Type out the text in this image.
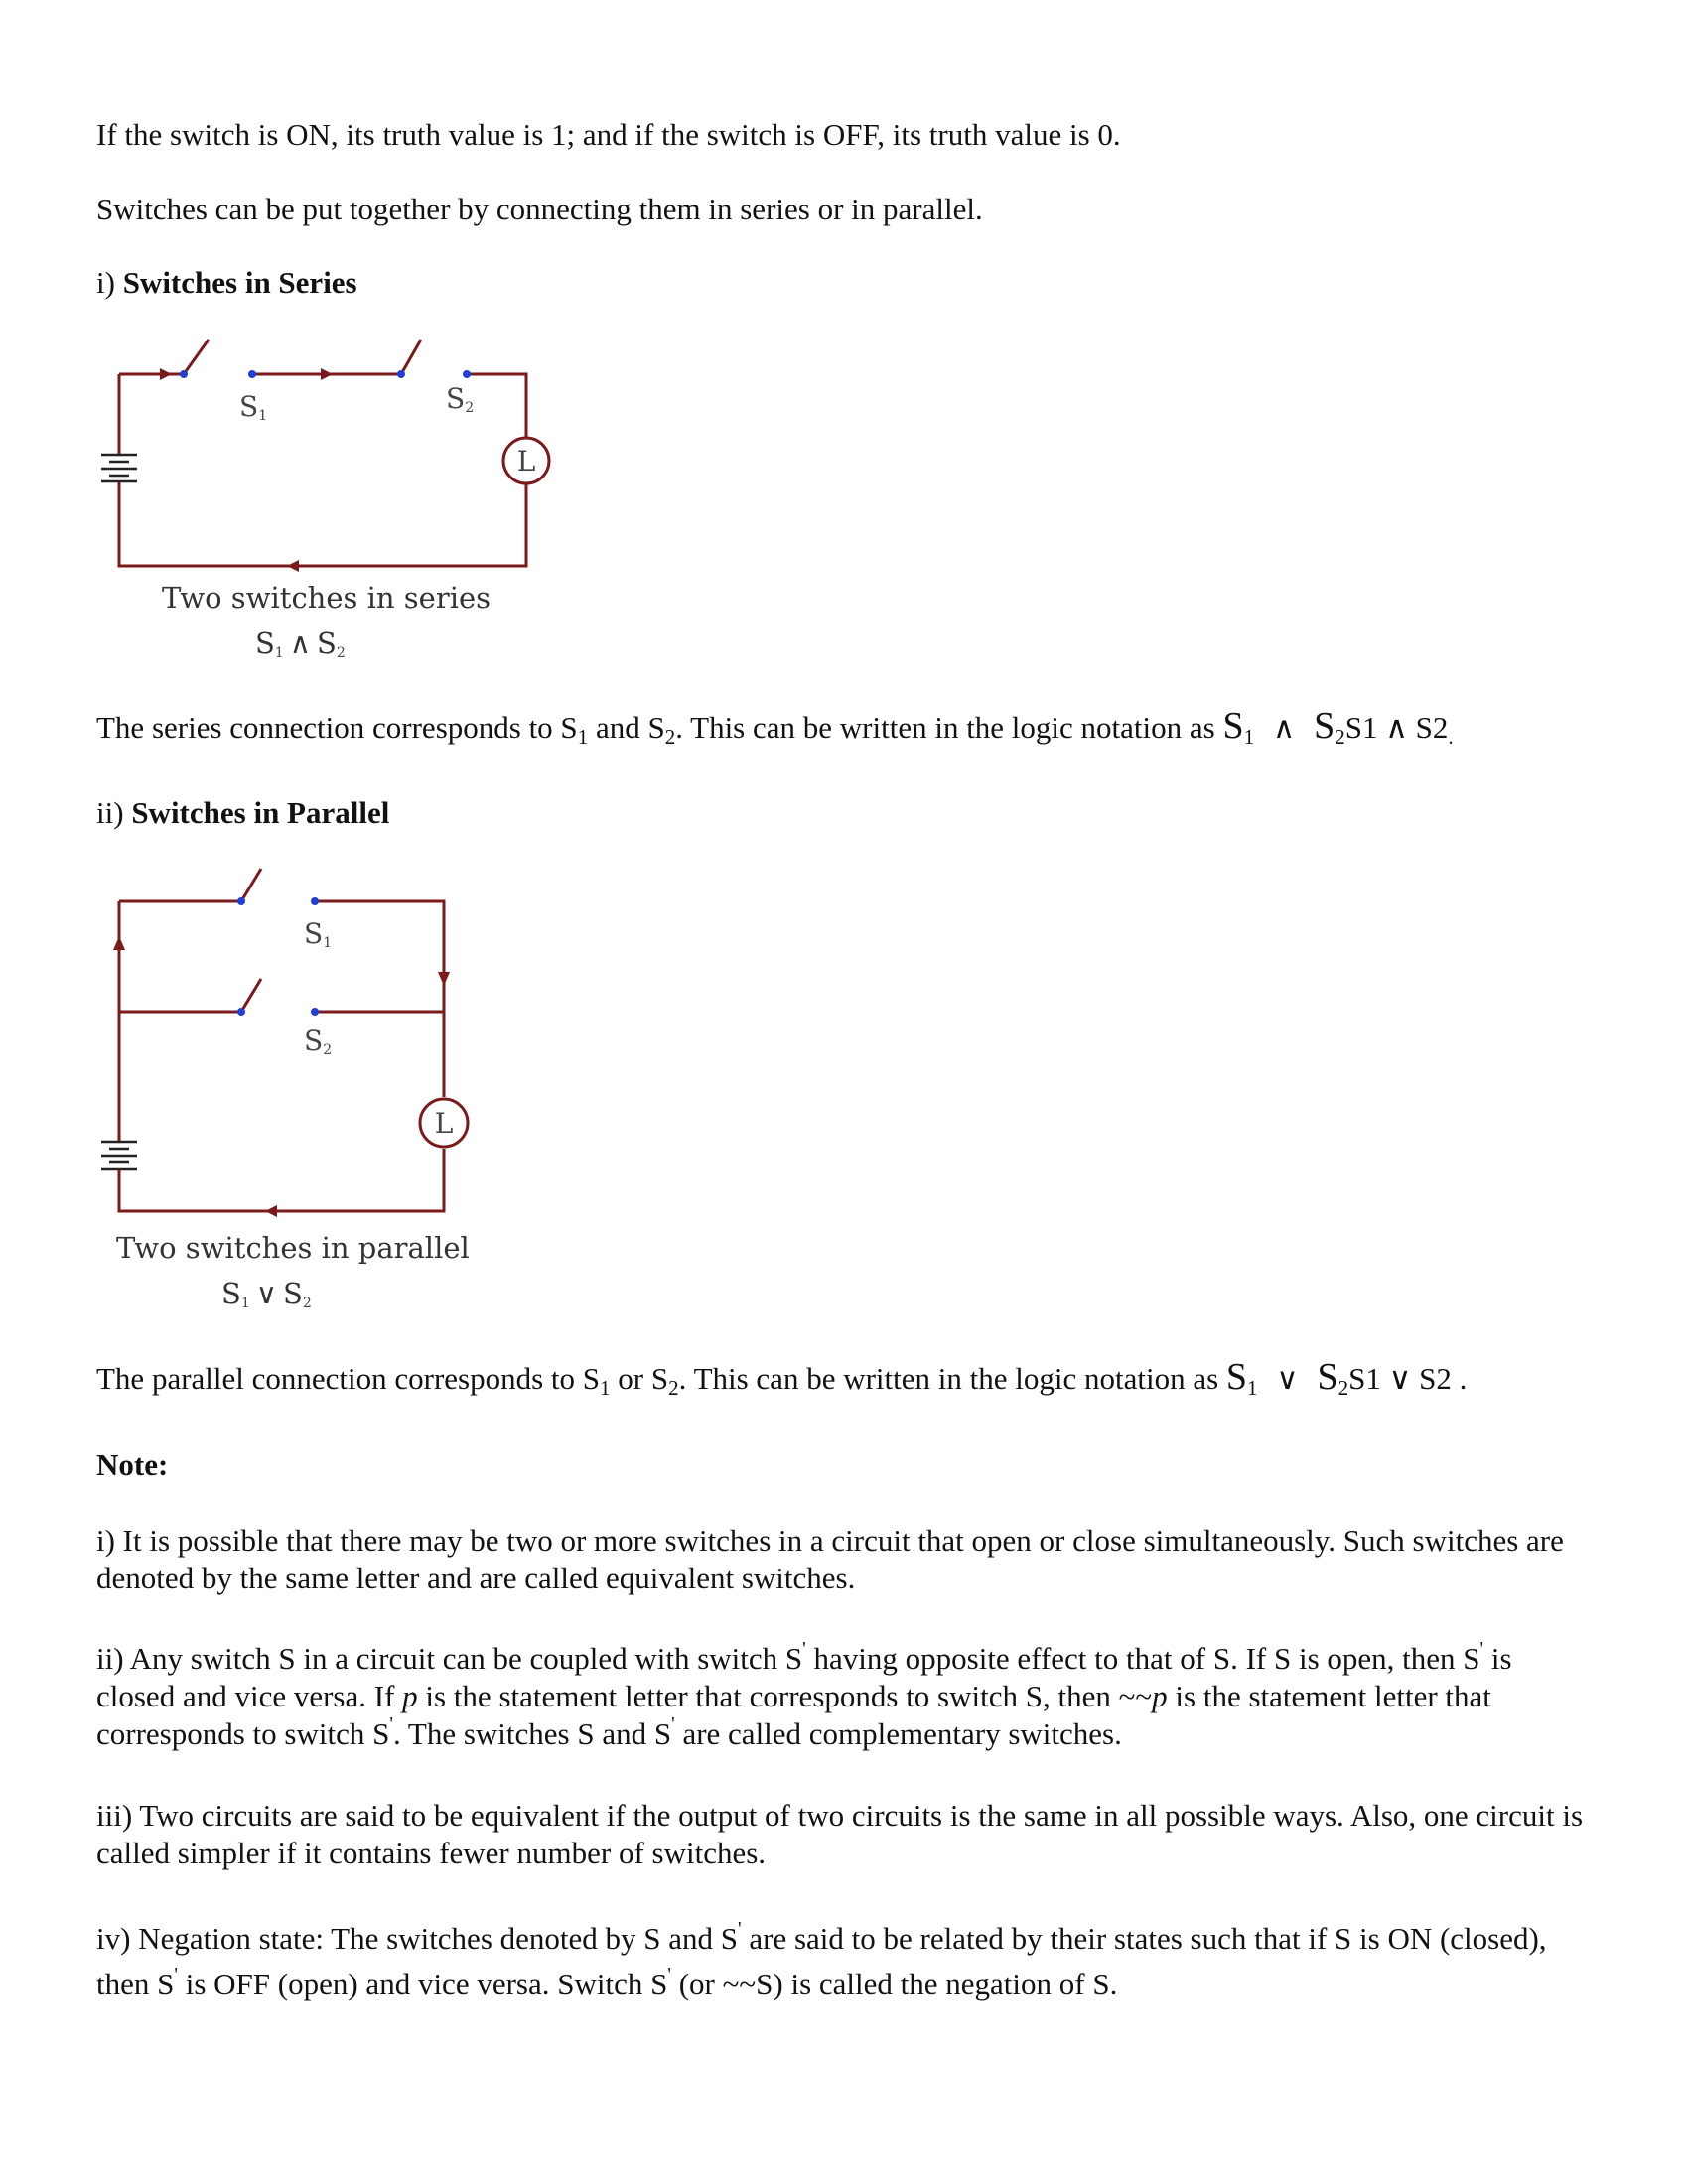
If the switch is ON, its truth value is 1; and if the switch is OFF, its truth value is 0.

Switches can be put together by connecting them in series or in parallel.

i) Switches in Series

L
S1
S2
Two switches in series
S1 ∧ S2

The series connection corresponds to $S_1$ and $S_2$. This can be written in the logic notation as $S_1$ ∧ $S_2S1$ ∧ $S2_.$

ii) Switches in Parallel

L
S1
S2
Two switches in parallel
S1 ∨ S2

The parallel connection corresponds to $S_1$ or $S_2$. This can be written in the logic notation as $S_1$ ∨ $S_2S1$ ∨ S2 .

Note:

i) It is possible that there may be two or more switches in a circuit that open or close simultaneously. Such switches are denoted by the same letter and are called equivalent switches.

ii) Any switch S in a circuit can be coupled with switch S' having opposite effect to that of S. If S is open, then S' is closed and vice versa. If p is the statement letter that corresponds to switch S, then ~~p is the statement letter that corresponds to switch S'. The switches S and S' are called complementary switches.

iii) Two circuits are said to be equivalent if the output of two circuits is the same in all possible ways. Also, one circuit is called simpler if it contains fewer number of switches.

iv) Negation state: The switches denoted by S and S' are said to be related by their states such that if S is ON (closed), then S' is OFF (open) and vice versa. Switch S' (or ~~S) is called the negation of S.
